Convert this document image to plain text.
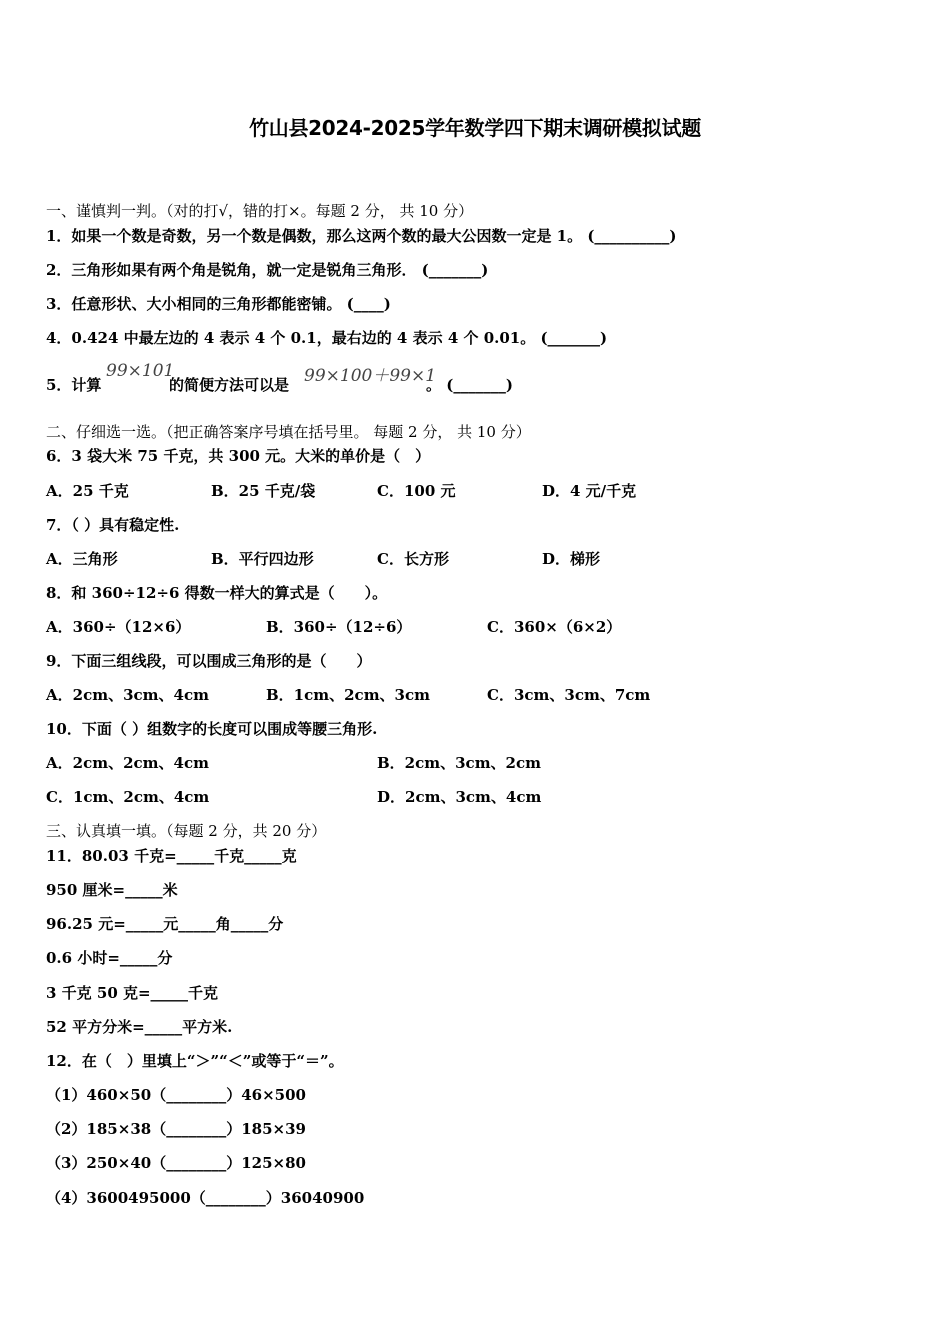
竹山县2024-2025学年数学四下期末调研模拟试题
一、谨慎判一判。（对的打√，错的打×。每题 2 分， 共 10 分）
1．如果一个数是奇数，另一个数是偶数，那么这两个数的最大公因数一定是 1。 (__________)
2．三角形如果有两个角是锐角，就一定是锐角三角形． (_______)
3．任意形状、大小相同的三角形都能密铺。 (____)
4．0.424 中最左边的 4 表示 4 个 0.1，最右边的 4 表示 4 个 0.01。 (_______)
5．计算
99×101
的简便方法可以是 99×100＋99×1
。 (_______)
二、仔细选一选。（把正确答案序号填在括号里。 每题 2 分， 共 10 分）
6．3 袋大米 75 千克，共 300 元。大米的单价是（　）
A．25 千克	B．25 千克/袋	C．100 元	D．4 元/千克
7．（ ）具有稳定性.
A．三角形	B．平行四边形	C．长方形	D．梯形
8．和 360÷12÷6 得数一样大的算式是（　　）。
A．360÷（12×6）	B．360÷（12÷6）	C．360×（6×2）
9．下面三组线段，可以围成三角形的是（　　）
A．2cm、3cm、4cm	B．1cm、2cm、3cm	C．3cm、3cm、7cm
10．下面（ ）组数字的长度可以围成等腰三角形.
A．2cm、2cm、4cm	B．2cm、3cm、2cm
C．1cm、2cm、4cm	D．2cm、3cm、4cm
三、认真填一填。（每题 2 分，共 20 分）
11．80.03 千克=_____千克_____克
950 厘米=_____米
96.25 元=_____元_____角_____分
0.6 小时=_____分
3 千克 50 克=_____千克
52 平方分米=_____平方米.
12．在（　）里填上“＞”“＜”或等于“＝”。
（1）460×50（________）46×500
（2）185×38（________）185×39
（3）250×40（________）125×80
（4）3600495000（________）36040900
